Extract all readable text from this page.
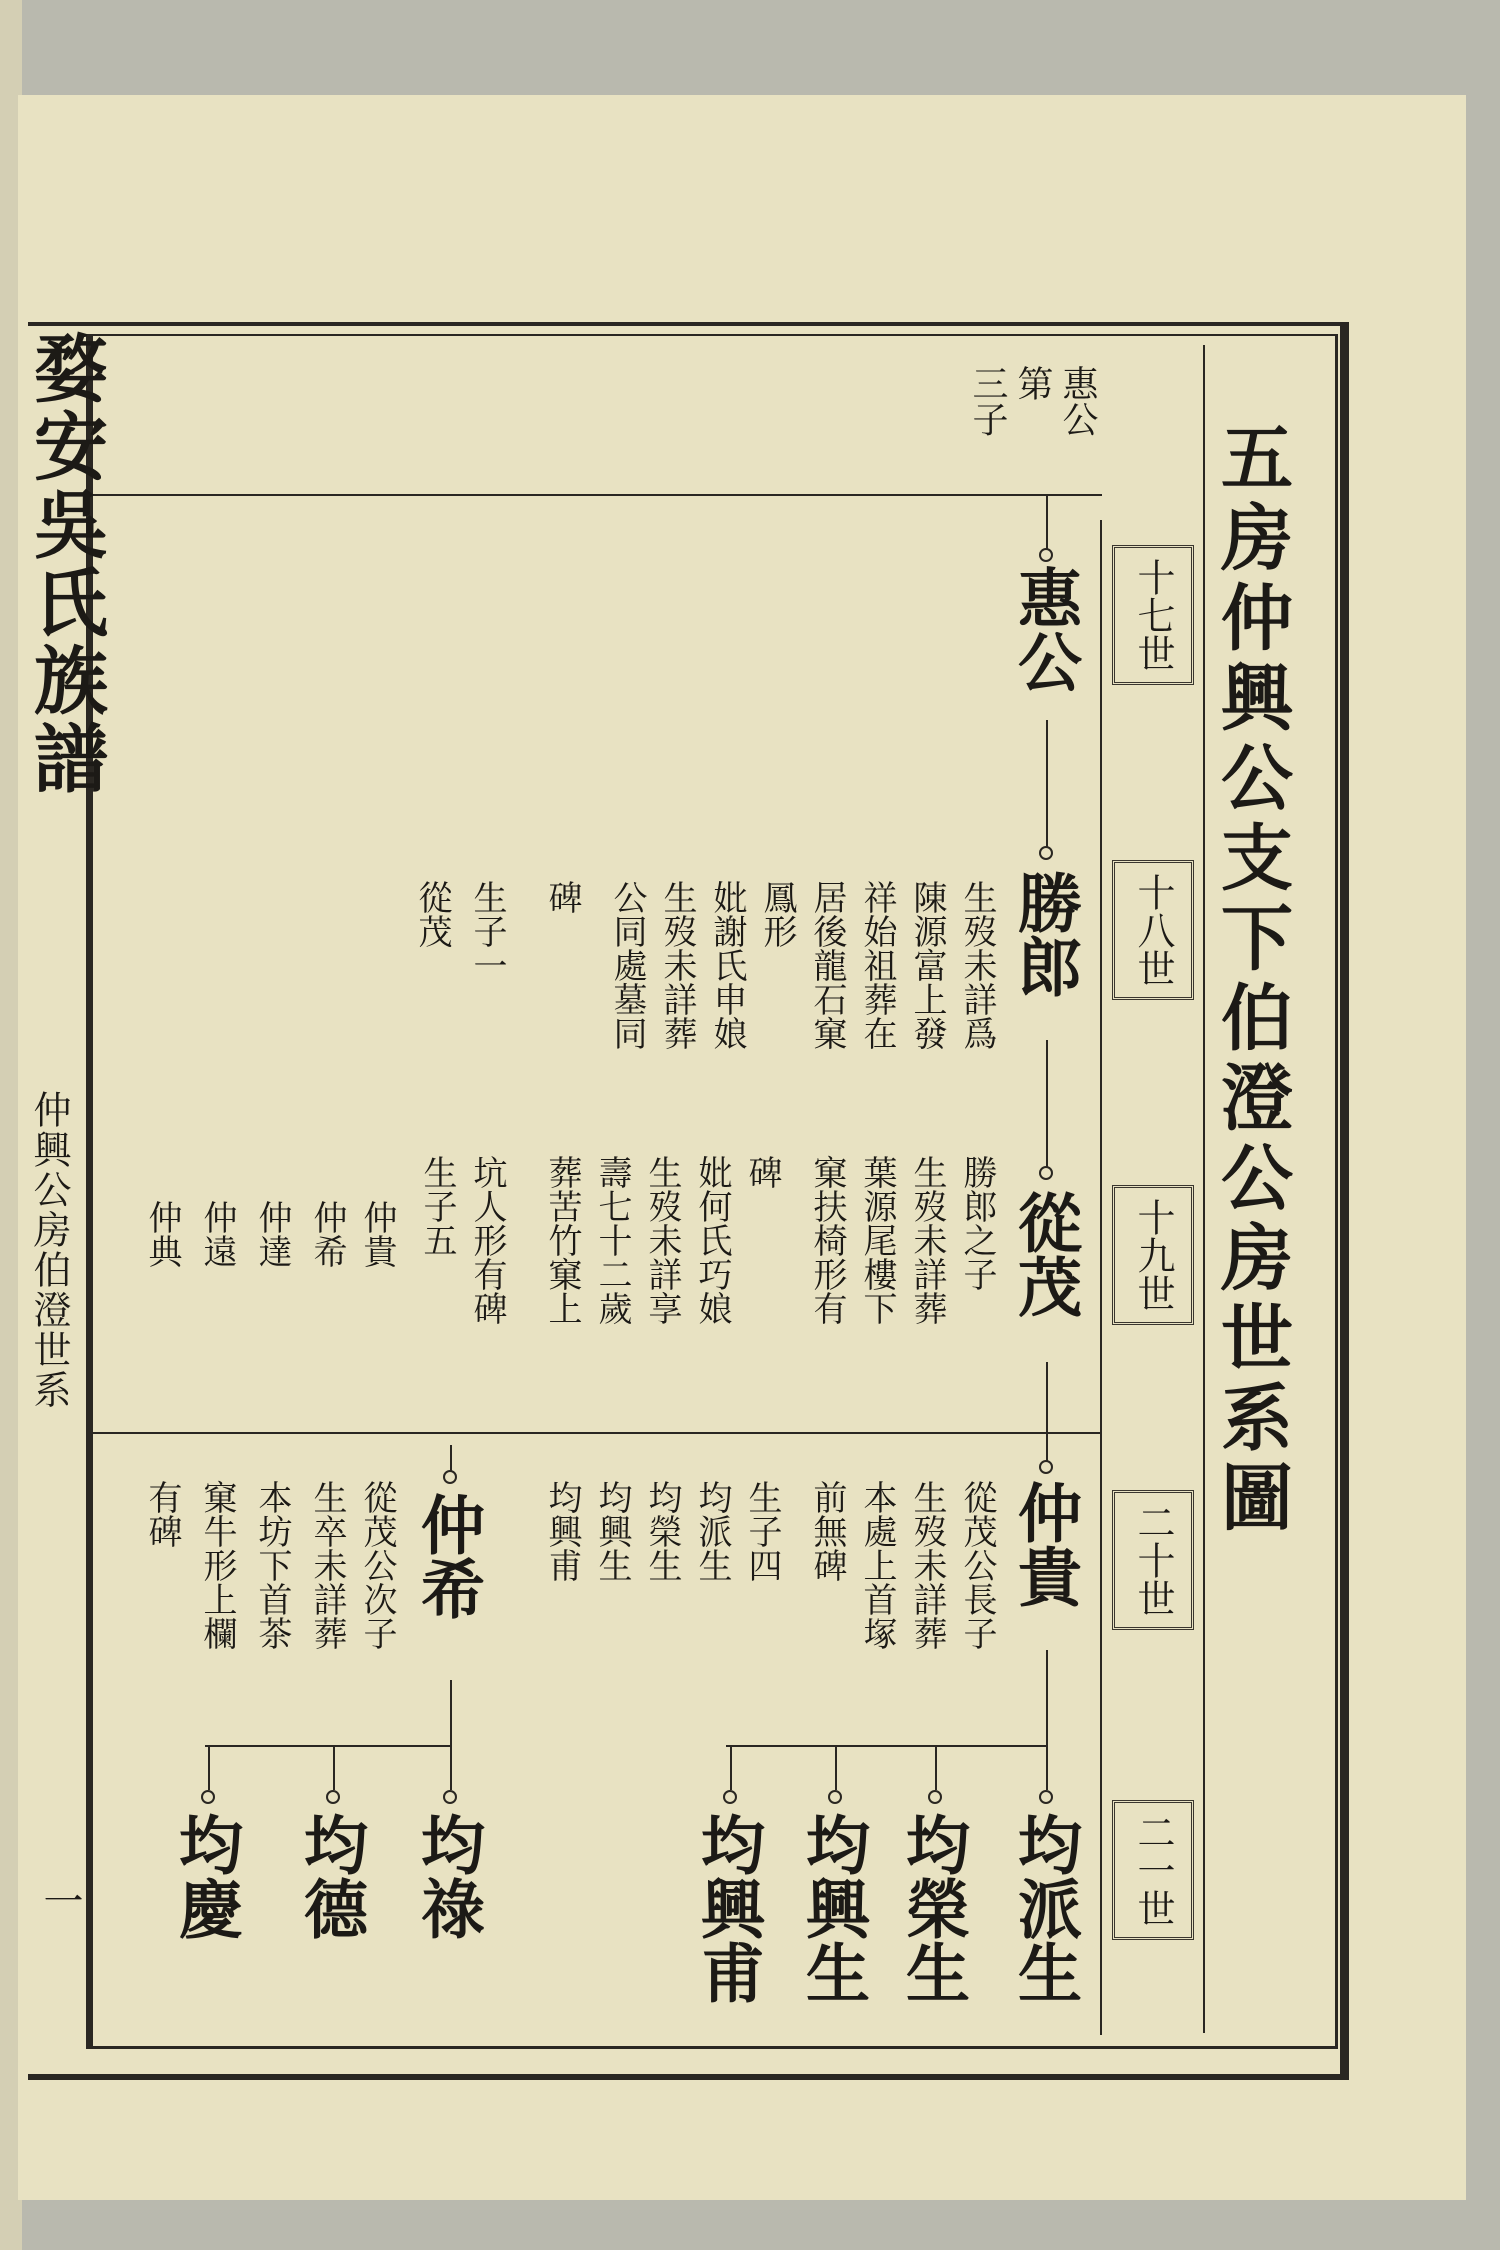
五房仲興公支下伯澄公房世系圖
婺安吳氏族譜
仲興公房伯澄世系
一
十七世
十八世
十九世
二十世
二一世
惠公
第
三子
惠公
勝郎
從茂
仲貴
均派生
均榮生
均興生
均興甫
仲希
均祿
均德
均慶
生歿未詳爲
陳源富上發
祥始祖葬在
居後龍石窠
鳳形
妣謝氏申娘
生歿未詳葬
公同處墓同
碑
生子一
從茂
勝郎之子
生歿未詳葬
葉源尾樓下
窠扶椅形有
碑
妣何氏巧娘
生歿未詳享
壽七十二歲
葬苦竹窠上
坑人形有碑
生子五
仲貴
仲希
仲達
仲遠
仲典
從茂公長子
生歿未詳葬
本處上首塚
前無碑
生子四
均派生
均榮生
均興生
均興甫
從茂公次子
生卒未詳葬
本坊下首茶
窠牛形上欄
有碑
